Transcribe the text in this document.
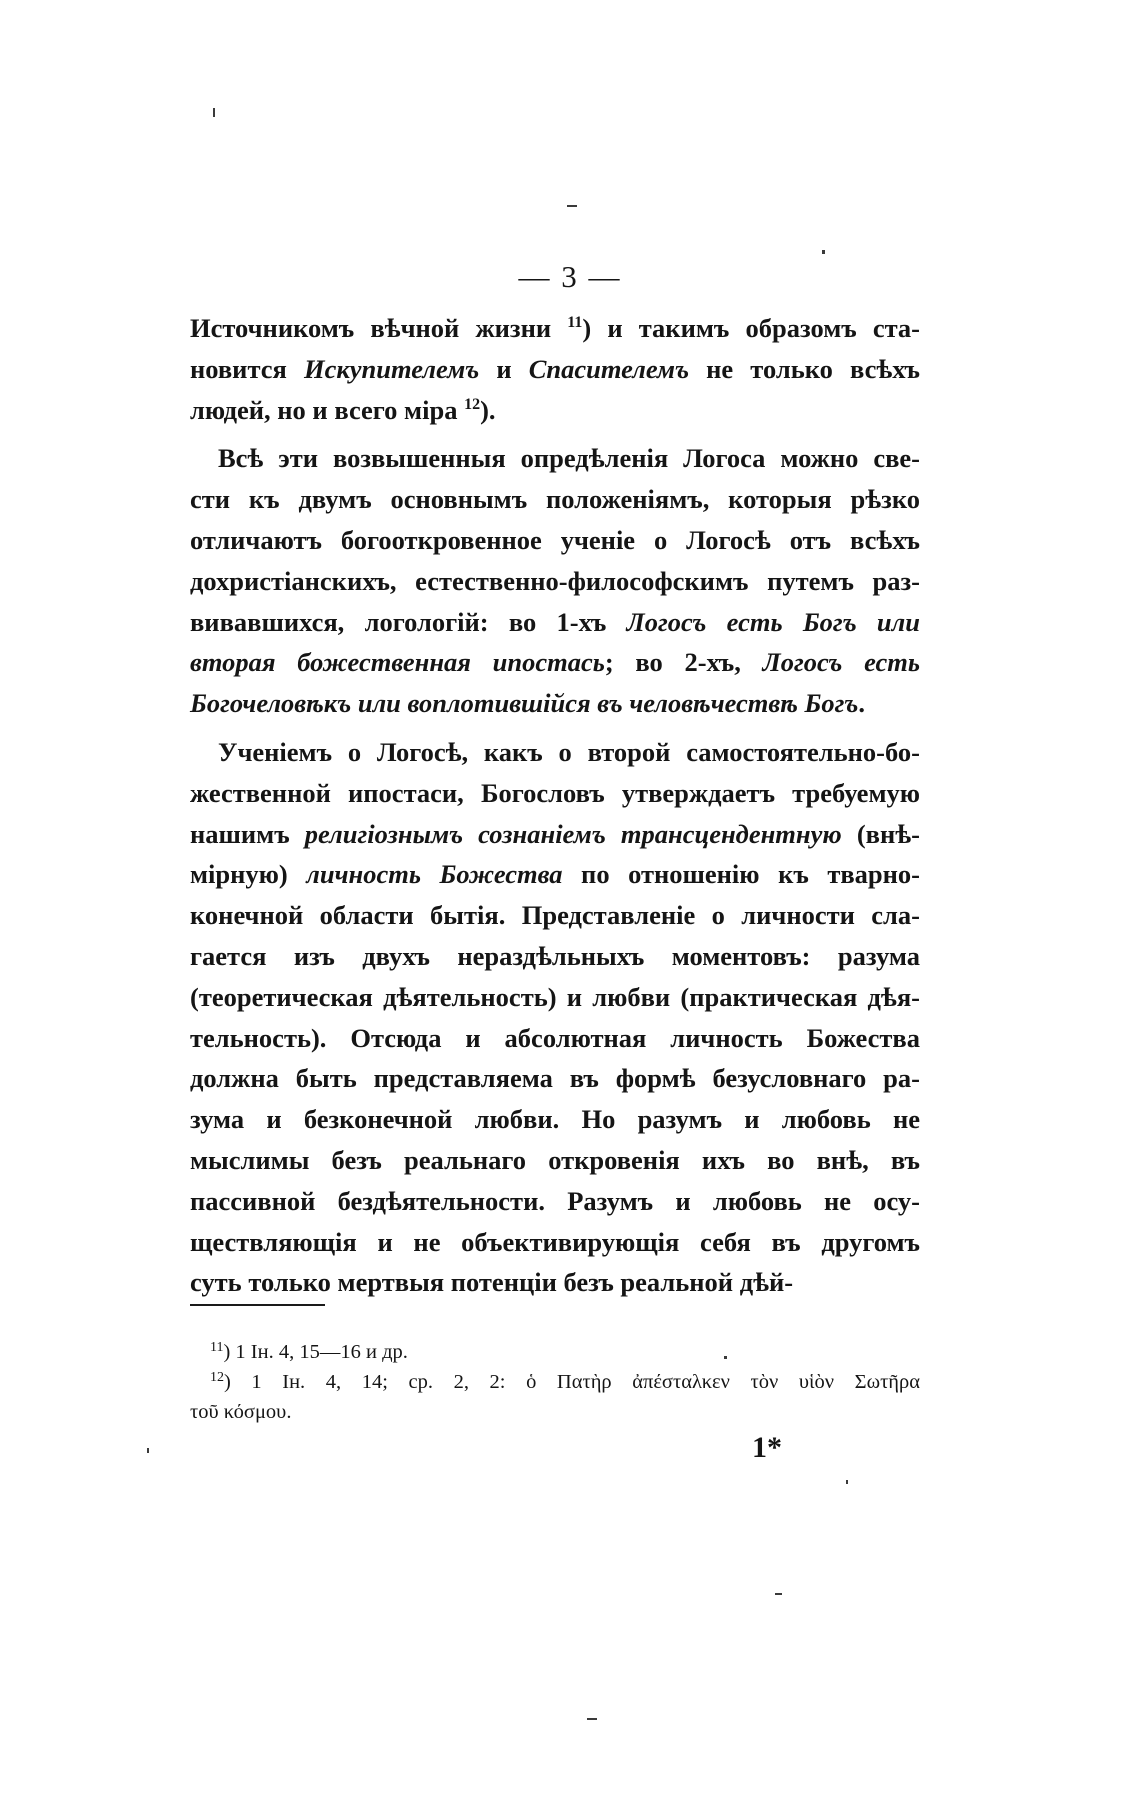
— 3 —
Источникомъ вѣчной жизни $^{11}$) и такимъ образомъ ста-
новится Искупителемъ и Спасителемъ не только всѣхъ
людей, но и всего міра $^{12}$).
Всѣ эти возвышенныя опредѣленія Логоса можно све-
сти къ двумъ основнымъ положеніямъ, которыя рѣзко
отличаютъ богооткровенное ученіе о Логосѣ отъ всѣхъ
дохристіанскихъ, естественно-философскимъ путемъ раз-
вивавшихся, логологій: во 1-хъ Логосъ есть Богъ или
вторая божественная ипостась; во 2-хъ, Логосъ есть
Богочеловѣкъ или воплотившійся въ человѣчествѣ Богъ.
Ученіемъ о Логосѣ, какъ о второй самостоятельно-бо-
жественной ипостаси, Богословъ утверждаетъ требуемую
нашимъ религіознымъ сознаніемъ трансцендентную (внѣ-
мірную) личность Божества по отношенію къ тварно-
конечной области бытія. Представленіе о личности сла-
гается изъ двухъ нераздѣльныхъ моментовъ: разума
(теоретическая дѣятельность) и любви (практическая дѣя-
тельность). Отсюда и абсолютная личность Божества
должна быть представляема въ формѣ безусловнаго ра-
зума и безконечной любви. Но разумъ и любовь не
мыслимы безъ реальнаго откровенія ихъ во внѣ, въ
пассивной бездѣятельности. Разумъ и любовь не осу-
ществляющія и не объективирующія себя въ другомъ
суть только мертвыя потенціи безъ реальной дѣй-
$^{11}$) 1 Ін. 4, 15—16 и др.
$^{12}$) 1 Ін. 4, 14; ср. 2, 2: ὁ Πατὴρ ἀπέσταλκεν τὸν υἱὸν Σωτῆρα
τοῦ κόσμου.
1*
